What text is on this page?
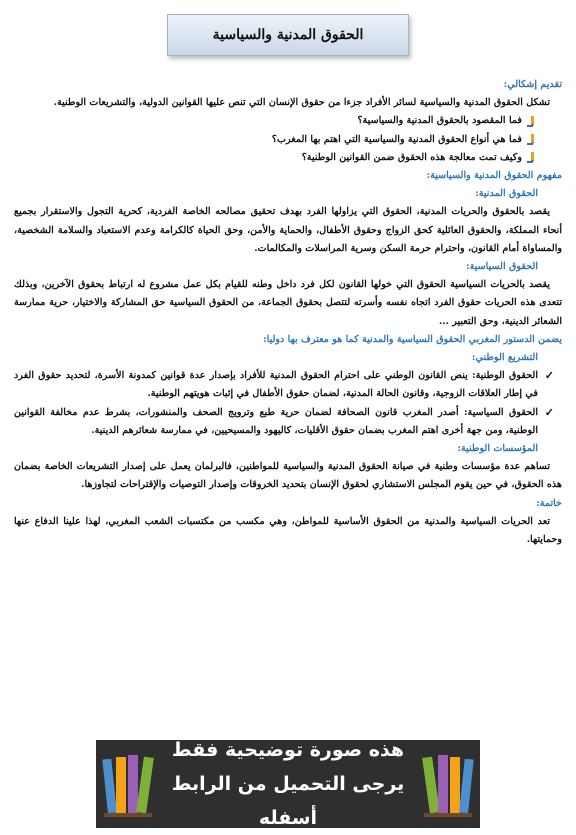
الحقوق المدنية والسياسية
تقديم إشكالي:

تشكل الحقوق المدنية والسياسية لسائر الأفراد جزءا من حقوق الإنسان التي تنص عليها القوانين الدولية، والتشريعات الوطنية.

فما المقصود بالحقوق المدنية والسياسية؟
فما هي أنواع الحقوق المدنية والسياسية التي اهتم بها المغرب؟
وكيف تمت معالجة هذه الحقوق ضمن القوانين الوطنية؟
مفهوم الحقوق المدنية والسياسية:
الحقوق المدنية:

يقصد بالحقوق والحريات المدنية، الحقوق التي يزاولها الفرد بهدف تحقيق مصالحه الخاصة الفردية، كحرية التجول والاستقرار بجميع أنحاء المملكة، والحقوق العائلية كحق الزواج وحقوق الأطفال، والحماية والأمن، وحق الحياة كالكرامة وعدم الاستعباد والسلامة الشخصية، والمساواة أمام القانون، واحترام حرمة السكن وسرية المراسلات والمكالمات.

الحقوق السياسية:

يقصد بالحريات السياسية الحقوق التي خولها القانون لكل فرد داخل وطنه للقيام بكل عمل مشروع له ارتباط بحقوق الآخرين، وبذلك تتعدى هذه الحريات حقوق الفرد اتجاه نفسه وأسرته لتتصل بحقوق الجماعة، من الحقوق السياسية حق المشاركة والاختيار، حرية ممارسة الشعائر الدينية، وحق التعبير ...

يضمن الدستور المغربي الحقوق السياسية والمدنية كما هو معترف بها دوليا:
التشريع الوطني:
✓
الحقوق الوطنية: ينص القانون الوطني على احترام الحقوق المدنية للأفراد بإصدار عدة قوانين كمدونة الأسرة، لتحديد حقوق الفرد في إطار العلاقات الزوجية، وقانون الحالة المدنية، لضمان حقوق الأطفال في إثبات هويتهم الوطنية.
✓
الحقوق السياسية: أصدر المغرب قانون الصحافة لضمان حرية طبع وترويج الصحف والمنشورات، بشرط عدم مخالفة القوانين الوطنية، ومن جهة أخرى اهتم المغرب بضمان حقوق الأقليات، كاليهود والمسيحيين، في ممارسة شعائرهم الدينية.
المؤسسات الوطنية:

تساهم عدة مؤسسات وطنية في صيانة الحقوق المدنية والسياسية للمواطنين، فالبرلمان يعمل على إصدار التشريعات الخاصة بضمان هذه الحقوق، في حين يقوم المجلس الاستشاري لحقوق الإنسان بتحديد الخروقات وإصدار التوصيات والإقتراحات لتجاوزها.

خاتمة:

تعد الحريات السياسية والمدنية من الحقوق الأساسية للمواطن، وهي مكسب من مكتسبات الشعب المغربي، لهذا علينا الدفاع عنها وحمايتها.

هذه صورة توضيحية فقط
يرجى التحميل من الرابط أسفله
